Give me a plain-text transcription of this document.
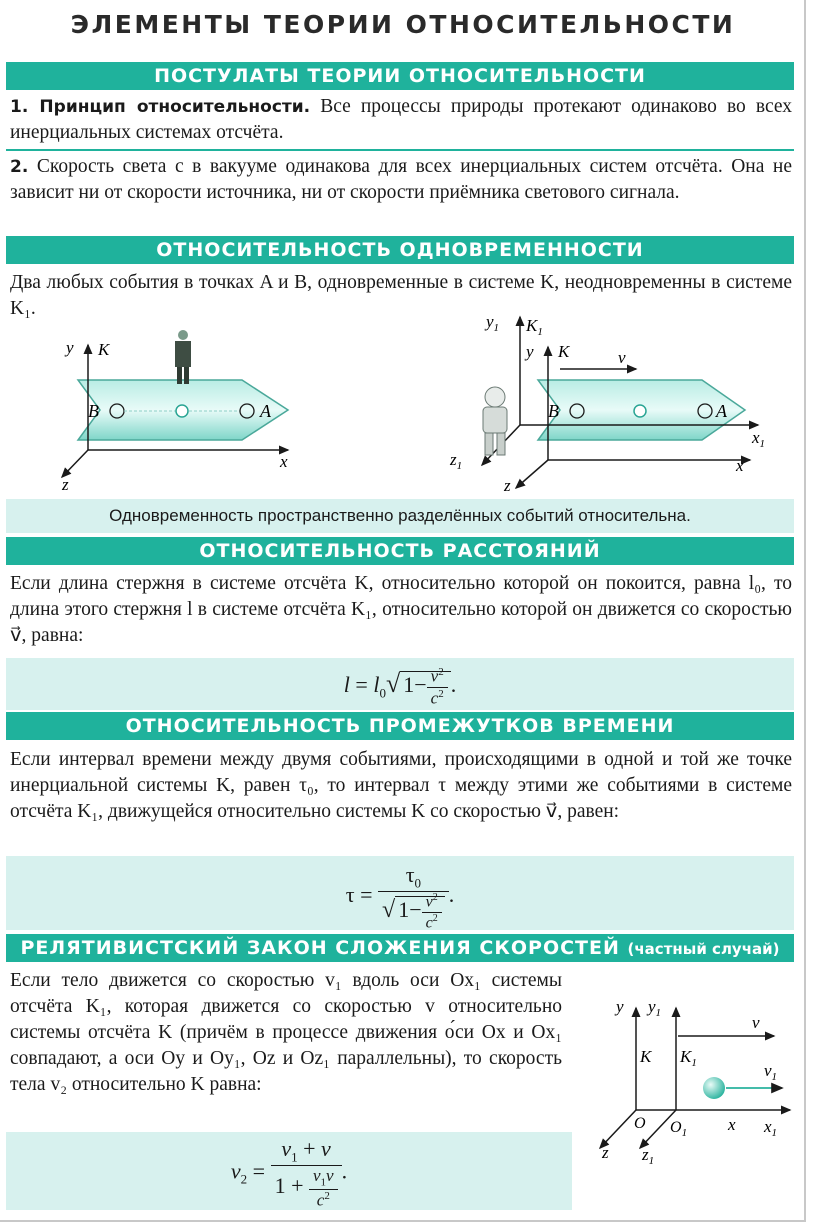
ЭЛЕМЕНТЫ ТЕОРИИ ОТНОСИТЕЛЬНОСТИ
ПОСТУЛАТЫ ТЕОРИИ ОТНОСИТЕЛЬНОСТИ
1. Принцип относительности. Все процессы природы протекают одинаково во всех инерциальных системах отсчёта.
2. Скорость света c в вакууме одинакова для всех инерциальных систем отсчёта. Она не зависит ни от скорости источника, ни от скорости приёмника светового сигнала.
ОТНОСИТЕЛЬНОСТЬ ОДНОВРЕМЕННОСТИ
Два любых события в точках A и B, одновременные в системе K, неодновременны в системе K₁.
y K
x
z
B	A
$y_1$ $K_1$
y K	v
$x_1$
x
$z_1$
z
B	A
Одновременность пространственно разделённых событий относительна.
ОТНОСИТЕЛЬНОСТЬ РАССТОЯНИЙ
Если длина стержня в системе отсчёта K, относительно которой он покоится, равна l₀, то длина этого стержня l в системе отсчёта K₁, относительно которой он движется со скоростью v⃗, равна:
$l = l_0√$ $1- \frac{v^2}{c^2}$ .
ОТНОСИТЕЛЬНОСТЬ ПРОМЕЖУТКОВ ВРЕМЕНИ
Если интервал времени между двумя событиями, происходящими в одной и той же точке инерциальной системы K, равен τ₀, то интервал τ между этими же событиями в системе отсчёта K₁, движущейся относительно системы K со скоростью v⃗, равен:
$\tau = \frac{\tau_0}{√ 1- \frac{v^2}{c^2}}$ .
РЕЛЯТИВИСТСКИЙ ЗАКОН СЛОЖЕНИЯ СКОРОСТЕЙ (частный случай)
Если тело движется со скоростью v₁ вдоль оси Ox₁ системы отсчёта K₁, которая движется со скоростью v относительно системы отсчёта K (причём в процессе движения о́си Ox и Ox₁ совпадают, а оси Oy и Oy₁, Oz и Oz₁ параллельны), то скорость тела v₂ относительно K равна:
$v_2 = \frac{v_1 + v}{1 + \frac{v_1v}{c^2}}$ .
y $y_1$
K $K_1$
v
$v_1$
O $O_1$ x $x_1$
z $z_1$
